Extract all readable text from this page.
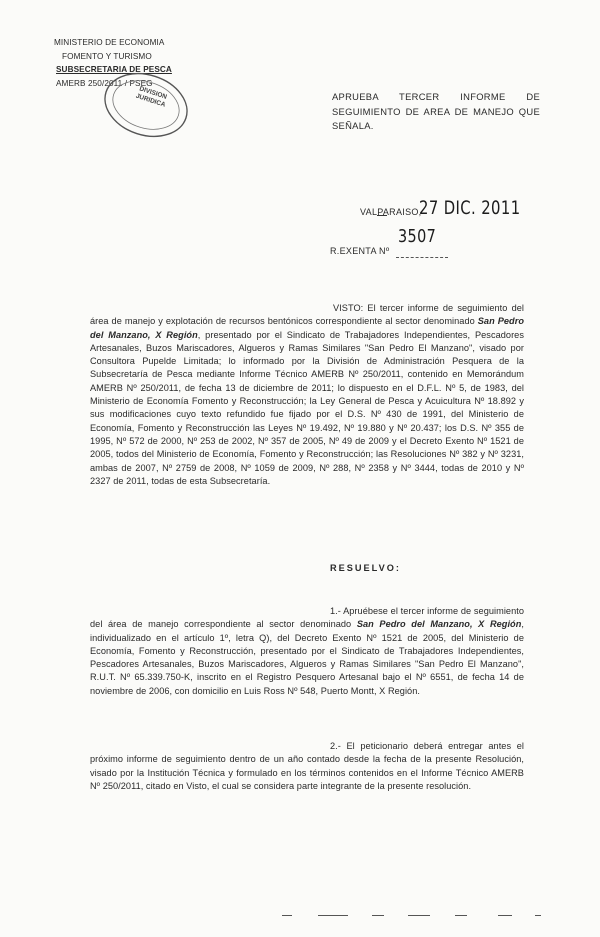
MINISTERIO DE ECONOMIA
FOMENTO Y TURISMO
SUBSECRETARIA DE PESCA
AMERB 250/2011 / PSEG
DIVISION JURIDICA	APRUEBA TERCER INFORME DE SEGUIMIENTO DE AREA DE MANEJO QUE SEÑALA.
VALPARAISO,
27 DIC. 2011
3507
R.EXENTA Nº
VISTO: El tercer informe de seguimiento del área de manejo y explotación de recursos bentónicos correspondiente al sector denominado San Pedro del Manzano, X Región, presentado por el Sindicato de Trabajadores Independientes, Pescadores Artesanales, Buzos Mariscadores, Algueros y Ramas Similares "San Pedro El Manzano", visado por Consultora Pupelde Limitada; lo informado por la División de Administración Pesquera de la Subsecretaría de Pesca mediante Informe Técnico AMERB Nº 250/2011, contenido en Memorándum AMERB Nº 250/2011, de fecha 13 de diciembre de 2011; lo dispuesto en el D.F.L. Nº 5, de 1983, del Ministerio de Economía Fomento y Reconstrucción; la Ley General de Pesca y Acuicultura Nº 18.892 y sus modificaciones cuyo texto refundido fue fijado por el D.S. Nº 430 de 1991, del Ministerio de Economía, Fomento y Reconstrucción las Leyes Nº 19.492, Nº 19.880 y Nº 20.437; los D.S. Nº 355 de 1995, Nº 572 de 2000, Nº 253 de 2002, Nº 357 de 2005, Nº 49 de 2009 y el Decreto Exento Nº 1521 de 2005, todos del Ministerio de Economía, Fomento y Reconstrucción; las Resoluciones Nº 382 y Nº 3231, ambas de 2007, Nº 2759 de 2008, Nº 1059 de 2009, Nº 288, Nº 2358 y Nº 3444, todas de 2010 y Nº 2327 de 2011, todas de esta Subsecretaría.
RESUELVO:
1.- Apruébese el tercer informe de seguimiento del área de manejo correspondiente al sector denominado San Pedro del Manzano, X Región, individualizado en el artículo 1º, letra Q), del Decreto Exento Nº 1521 de 2005, del Ministerio de Economía, Fomento y Reconstrucción, presentado por el Sindicato de Trabajadores Independientes, Pescadores Artesanales, Buzos Mariscadores, Algueros y Ramas Similares "San Pedro El Manzano", R.U.T. Nº 65.339.750-K, inscrito en el Registro Pesquero Artesanal bajo el Nº 6551, de fecha 14 de noviembre de 2006, con domicilio en Luis Ross Nº 548, Puerto Montt, X Región.
2.- El peticionario deberá entregar antes el próximo informe de seguimiento dentro de un año contado desde la fecha de la presente Resolución, visado por la Institución Técnica y formulado en los términos contenidos en el Informe Técnico AMERB Nº 250/2011, citado en Visto, el cual se considera parte integrante de la presente resolución.
